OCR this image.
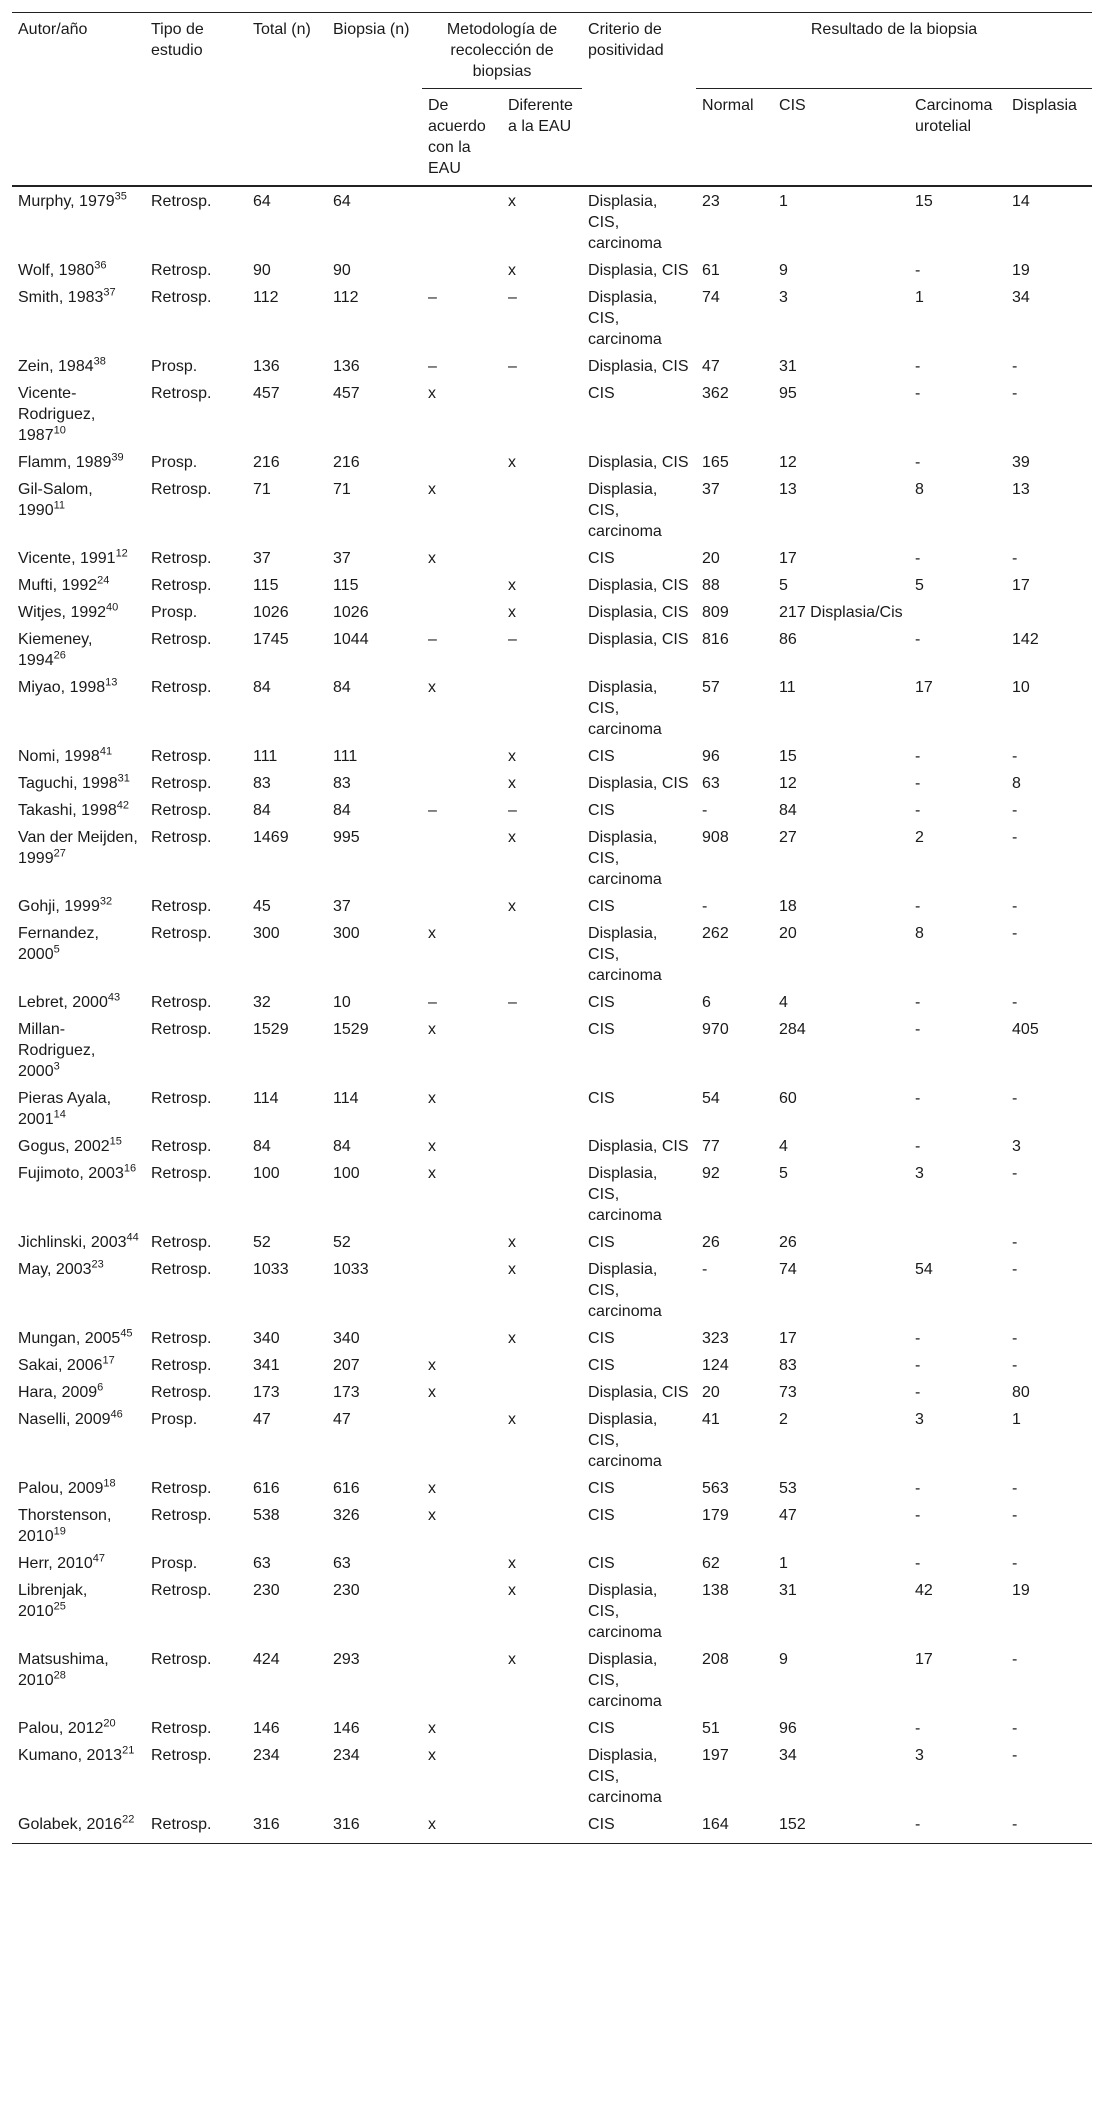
Autor/año	Tipo de estudio	Total (n)	Biopsia (n)	Metodología de recolección de biopsias		Criterio de positividad	Resultado de la biopsia			
				De acuerdo con la EAU	Diferente a la EAU		Normal	CIS	Carcinoma urotelial	Displasia
Murphy, 1979$^{35}$	Retrosp.	64	64		x	Displasia, CIS, carcinoma	23	1	15	14
Wolf, 1980$^{36}$	Retrosp.	90	90		x	Displasia, CIS	61	9	-	19
Smith, 1983$^{37}$	Retrosp.	112	112	–	–	Displasia, CIS, carcinoma	74	3	1	34
Zein, 1984$^{38}$	Prosp.	136	136	–	–	Displasia, CIS	47	31	-	-
Vicente-Rodriguez, 1987$^{10}$	Retrosp.	457	457	x		CIS	362	95	-	-
Flamm, 1989$^{39}$	Prosp.	216	216		x	Displasia, CIS	165	12	-	39
Gil-Salom, 1990$^{11}$	Retrosp.	71	71	x		Displasia, CIS, carcinoma	37	13	8	13
Vicente, 1991$^{12}$	Retrosp.	37	37	x		CIS	20	17	-	-
Mufti, 1992$^{24}$	Retrosp.	115	115		x	Displasia, CIS	88	5	5	17
Witjes, 1992$^{40}$	Prosp.	1026	1026		x	Displasia, CIS	809	217 Displasia/Cis		
Kiemeney, 1994$^{26}$	Retrosp.	1745	1044	–	–	Displasia, CIS	816	86	-	142
Miyao, 1998$^{13}$	Retrosp.	84	84	x		Displasia, CIS, carcinoma	57	11	17	10
Nomi, 1998$^{41}$	Retrosp.	111	111		x	CIS	96	15	-	-
Taguchi, 1998$^{31}$	Retrosp.	83	83		x	Displasia, CIS	63	12	-	8
Takashi, 1998$^{42}$	Retrosp.	84	84	–	–	CIS	-	84	-	-
Van der Meijden, 1999$^{27}$	Retrosp.	1469	995		x	Displasia, CIS, carcinoma	908	27	2	-
Gohji, 1999$^{32}$	Retrosp.	45	37		x	CIS	-	18	-	-
Fernandez, 2000$^5$	Retrosp.	300	300	x		Displasia, CIS, carcinoma	262	20	8	-
Lebret, 2000$^{43}$	Retrosp.	32	10	–	–	CIS	6	4	-	-
Millan-Rodriguez, 2000$^3$	Retrosp.	1529	1529	x		CIS	970	284	-	405
Pieras Ayala, 2001$^{14}$	Retrosp.	114	114	x		CIS	54	60	-	-
Gogus, 2002$^{15}$	Retrosp.	84	84	x		Displasia, CIS	77	4	-	3
Fujimoto, 2003$^{16}$	Retrosp.	100	100	x		Displasia, CIS, carcinoma	92	5	3	-
Jichlinski, 2003$^{44}$	Retrosp.	52	52		x	CIS	26	26		-
May, 2003$^{23}$	Retrosp.	1033	1033		x	Displasia, CIS, carcinoma	-	74	54	-
Mungan, 2005$^{45}$	Retrosp.	340	340		x	CIS	323	17	-	-
Sakai, 2006$^{17}$	Retrosp.	341	207	x		CIS	124	83	-	-
Hara, 2009$^6$	Retrosp.	173	173	x		Displasia, CIS	20	73	-	80
Naselli, 2009$^{46}$	Prosp.	47	47		x	Displasia, CIS, carcinoma	41	2	3	1
Palou, 2009$^{18}$	Retrosp.	616	616	x		CIS	563	53	-	-
Thorstenson, 2010$^{19}$	Retrosp.	538	326	x		CIS	179	47	-	-
Herr, 2010$^{47}$	Prosp.	63	63		x	CIS	62	1	-	-
Librenjak, 2010$^{25}$	Retrosp.	230	230		x	Displasia, CIS, carcinoma	138	31	42	19
Matsushima, 2010$^{28}$	Retrosp.	424	293		x	Displasia, CIS, carcinoma	208	9	17	-
Palou, 2012$^{20}$	Retrosp.	146	146	x		CIS	51	96	-	-
Kumano, 2013$^{21}$	Retrosp.	234	234	x		Displasia, CIS, carcinoma	197	34	3	-
Golabek, 2016$^{22}$	Retrosp.	316	316	x		CIS	164	152	-	-
